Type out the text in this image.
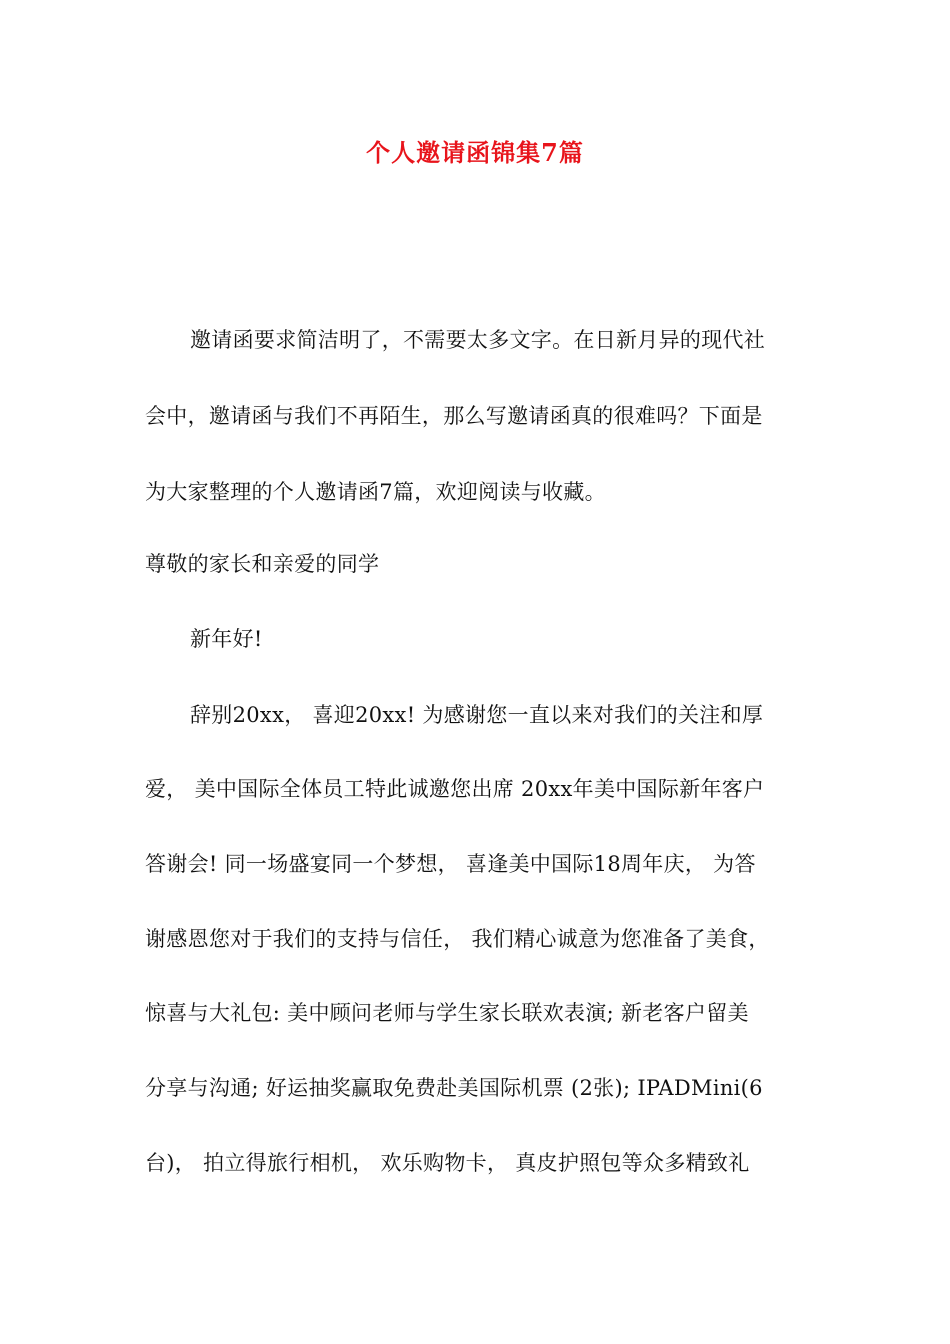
个人邀请函锦集7篇
邀请函要求简洁明了，不需要太多文字。在日新月异的现代社
会中，邀请函与我们不再陌生，那么写邀请函真的很难吗？下面是
为大家整理的个人邀请函7篇，欢迎阅读与收藏。
尊敬的家长和亲爱的同学
新年好!
辞别20xx， 喜迎20xx! 为感谢您一直以来对我们的关注和厚
爱， 美中国际全体员工特此诚邀您出席 20xx年美中国际新年客户
答谢会! 同一场盛宴同一个梦想， 喜逢美中国际18周年庆， 为答
谢感恩您对于我们的支持与信任， 我们精心诚意为您准备了美食，
惊喜与大礼包: 美中顾问老师与学生家长联欢表演; 新老客户留美
分享与沟通; 好运抽奖赢取免费赴美国际机票 (2张); IPADMini(6
台)， 拍立得旅行相机， 欢乐购物卡， 真皮护照包等众多精致礼
